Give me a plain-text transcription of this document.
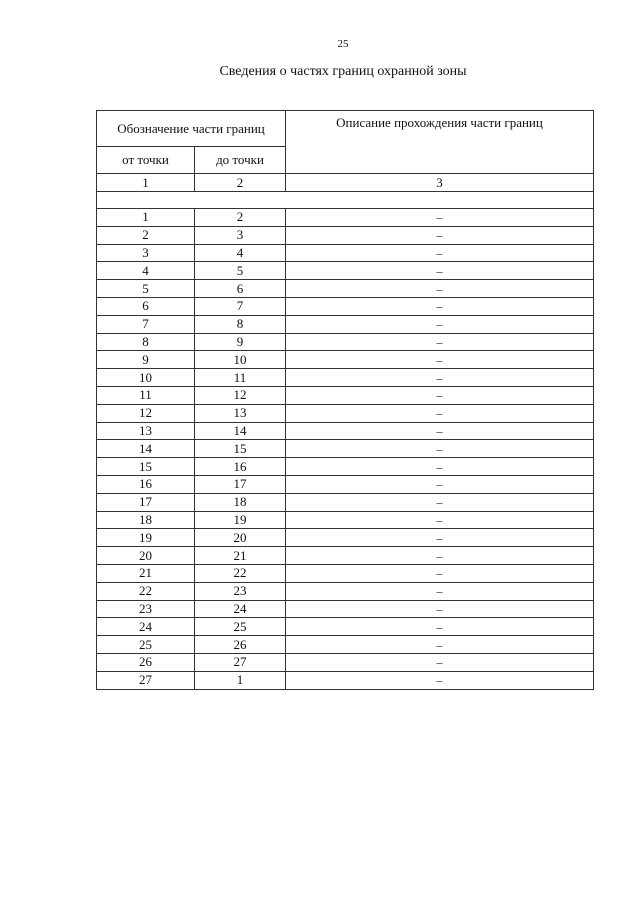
25
Сведения о частях границ охранной зоны
Обозначение части границ		Описание прохождения части границ
от точки	до точки	
1	2	3

1	2	–
2	3	–
3	4	–
4	5	–
5	6	–
6	7	–
7	8	–
8	9	–
9	10	–
10	11	–
11	12	–
12	13	–
13	14	–
14	15	–
15	16	–
16	17	–
17	18	–
18	19	–
19	20	–
20	21	–
21	22	–
22	23	–
23	24	–
24	25	–
25	26	–
26	27	–
27	1	–
